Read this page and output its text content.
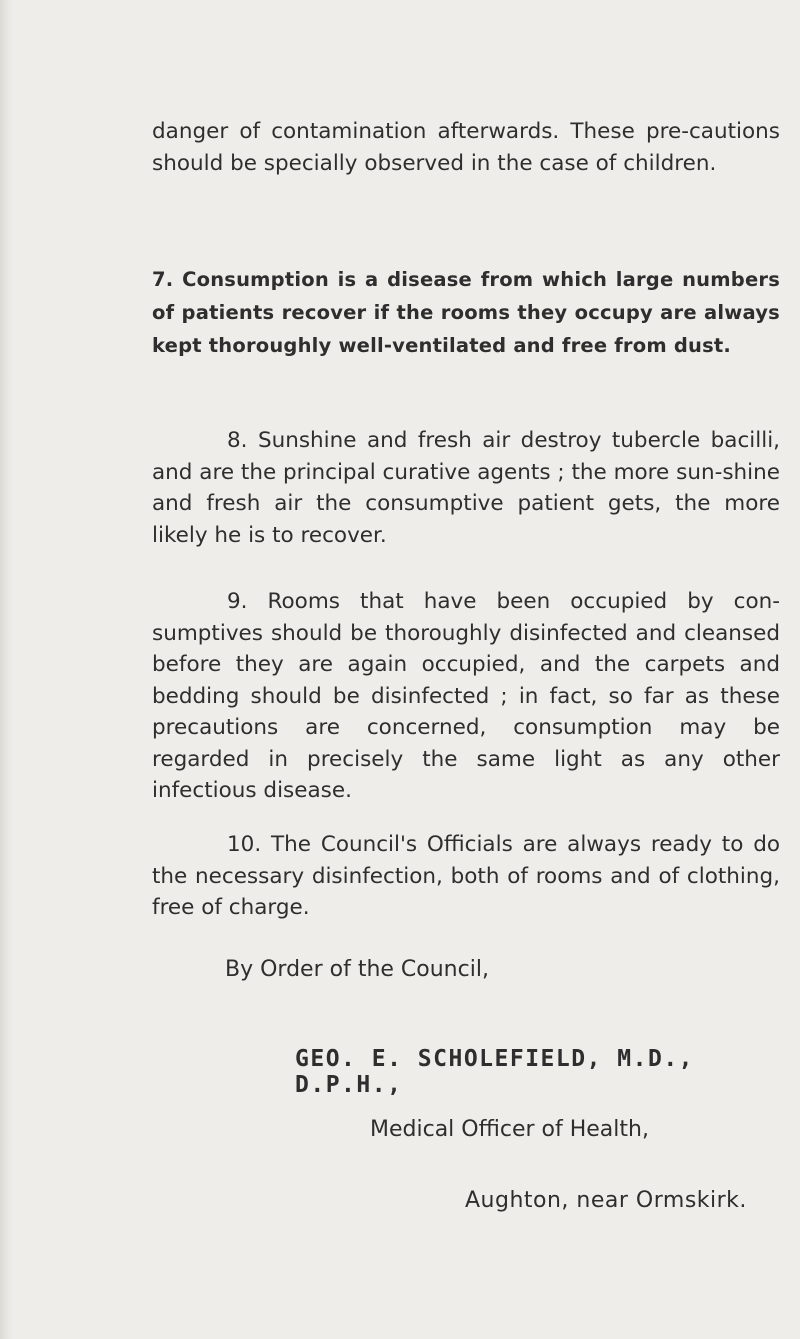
danger of contamination afterwards. These pre-cautions should be specially observed in the case of children.

7. Consumption is a disease from which large numbers of patients recover if the rooms they occupy are always kept thoroughly well-ventilated and free from dust.

8. Sunshine and fresh air destroy tubercle bacilli, and are the principal curative agents ; the more sun-shine and fresh air the consumptive patient gets, the more likely he is to recover.

9. Rooms that have been occupied by con-sumptives should be thoroughly disinfected and cleansed before they are again occupied, and the carpets and bedding should be disinfected ; in fact, so far as these precautions are concerned, consumption may be regarded in precisely the same light as any other infectious disease.

10. The Council's Officials are always ready to do the necessary disinfection, both of rooms and of clothing, free of charge.

By Order of the Council,

GEO. E. SCHOLEFIELD, M.D., D.P.H.,

Medical Officer of Health,

Aughton, near Ormskirk.
